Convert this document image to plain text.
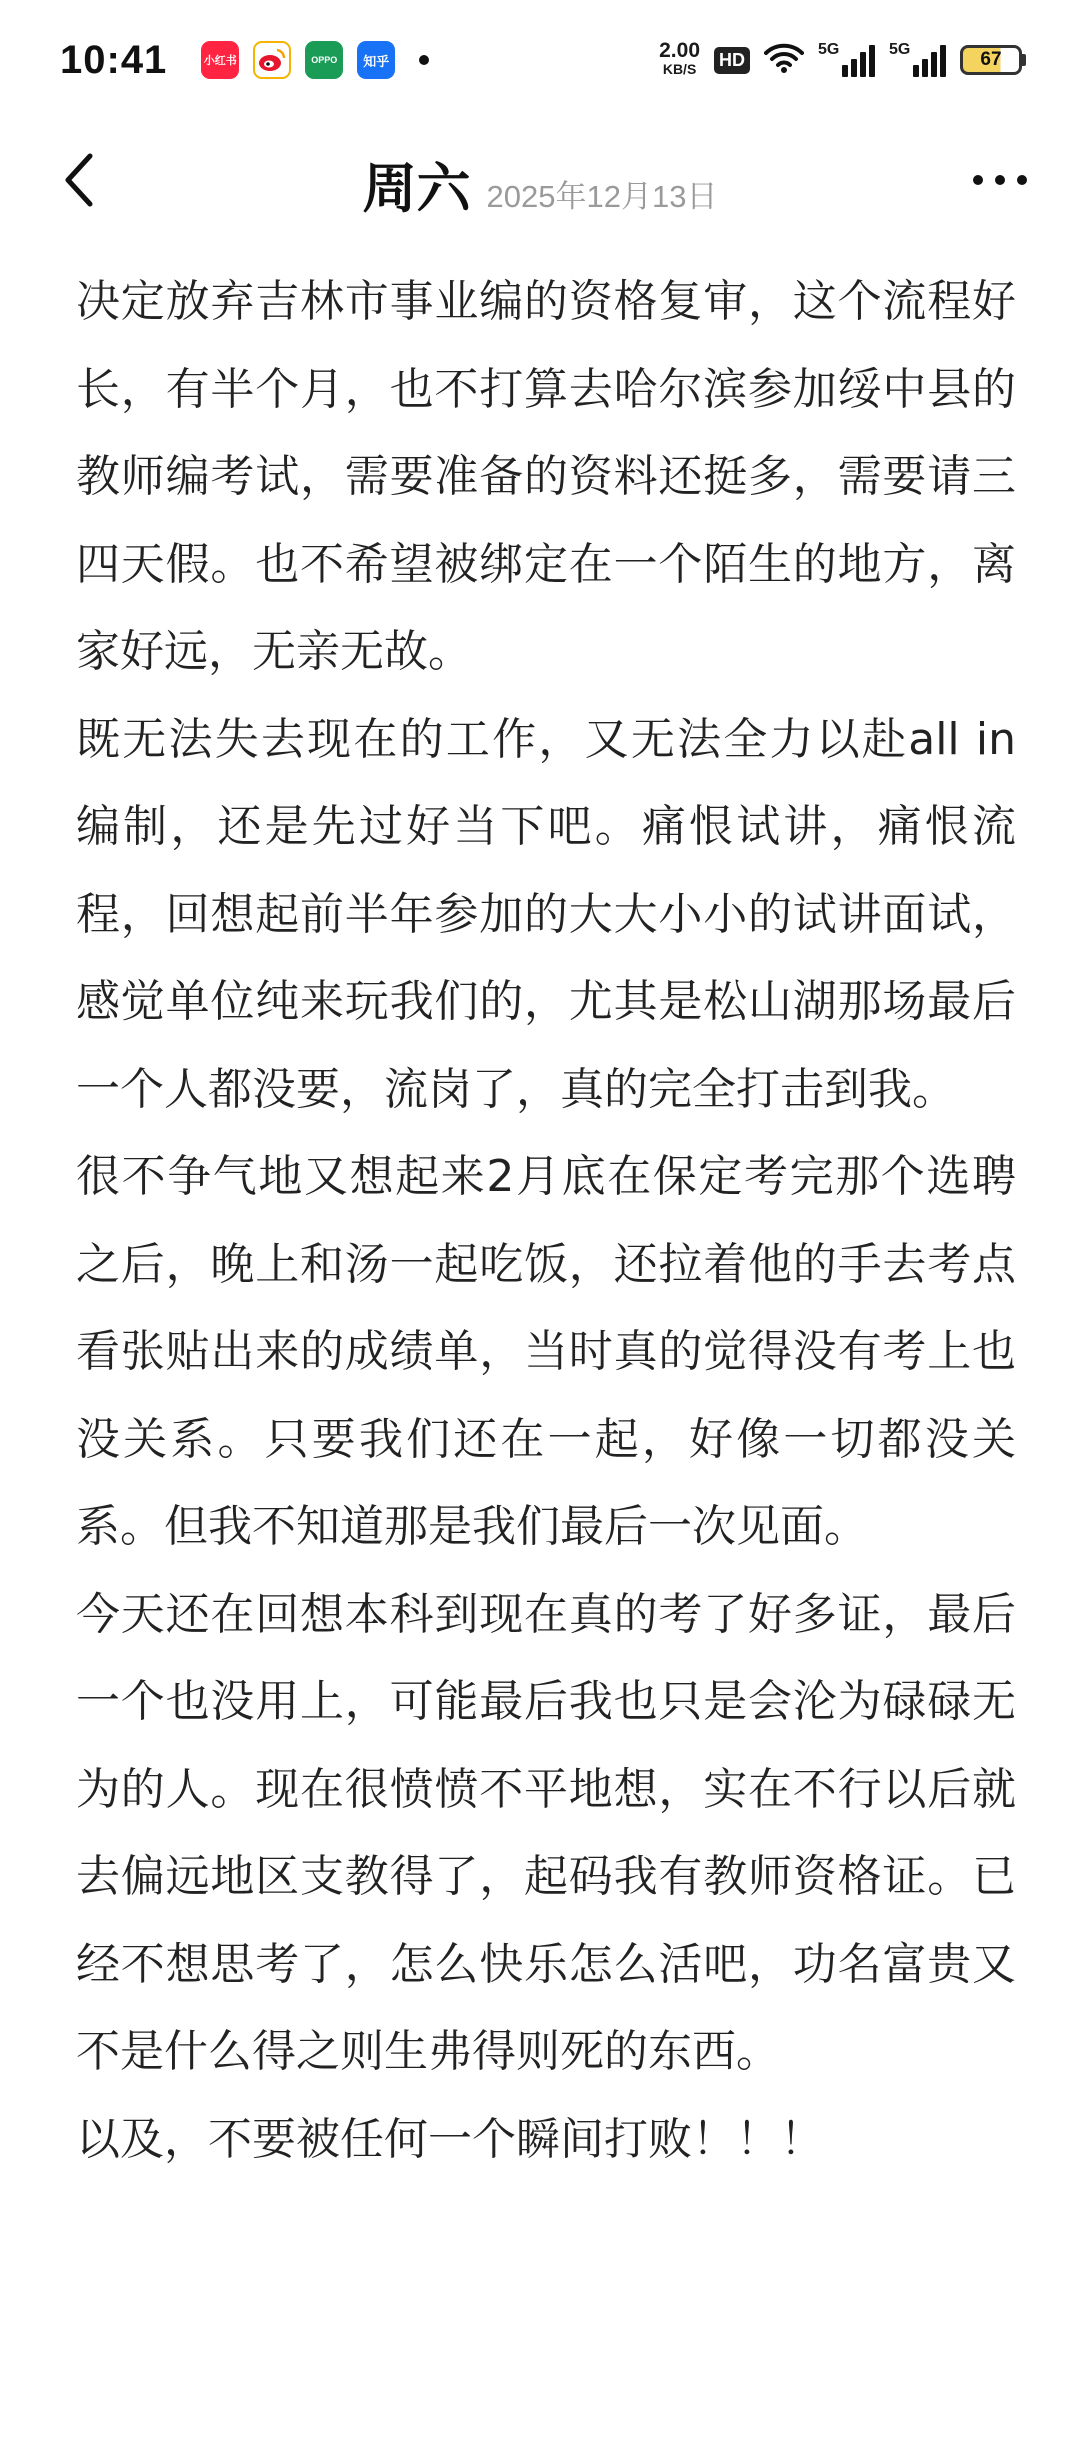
10:41	小红书	OPPO 知乎	2.00
KB/S HD	5G	5G	67
周六 2025年12月13日

决定放弃吉林市事业编的资格复审，这个流程好长，有半个月，也不打算去哈尔滨参加绥中县的教师编考试，需要准备的资料还挺多，需要请三四天假。也不希望被绑定在一个陌生的地方，离家好远，无亲无故。

既无法失去现在的工作，又无法全力以赴all in 编制，还是先过好当下吧。痛恨试讲，痛恨流程，回想起前半年参加的大大小小的试讲面试，感觉单位纯来玩我们的，尤其是松山湖那场最后一个人都没要，流岗了，真的完全打击到我。

很不争气地又想起来2月底在保定考完那个选聘之后，晚上和汤一起吃饭，还拉着他的手去考点看张贴出来的成绩单，当时真的觉得没有考上也没关系。只要我们还在一起，好像一切都没关系。但我不知道那是我们最后一次见面。

今天还在回想本科到现在真的考了好多证，最后一个也没用上，可能最后我也只是会沦为碌碌无为的人。现在很愤愤不平地想，实在不行以后就去偏远地区支教得了，起码我有教师资格证。已经不想思考了，怎么快乐怎么活吧，功名富贵又不是什么得之则生弗得则死的东西。

以及，不要被任何一个瞬间打败！！！
